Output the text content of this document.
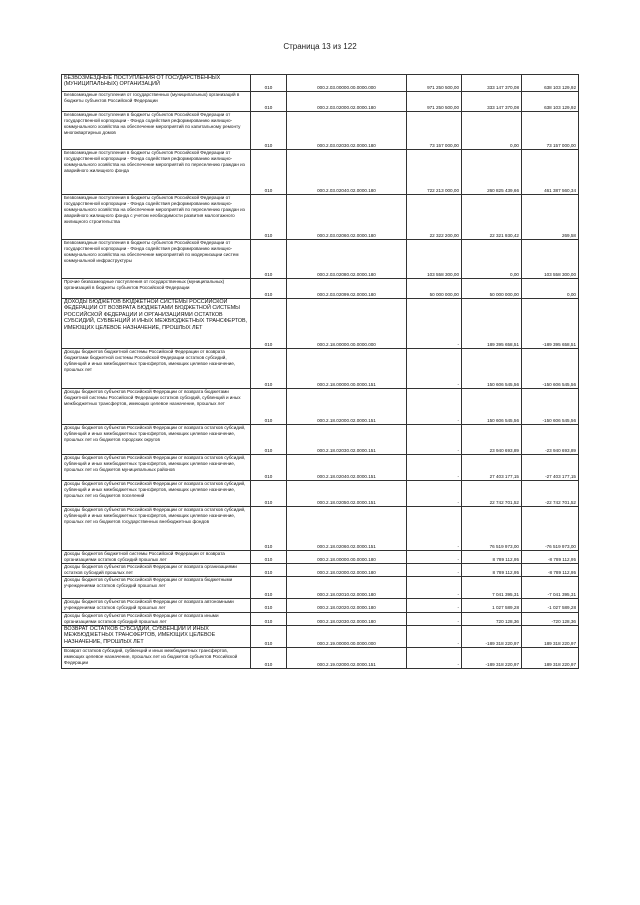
Страница 13 из 122
БЕЗВОЗМЕЗДНЫЕ ПОСТУПЛЕНИЯ ОТ ГОСУДАРСТВЕННЫХ (МУНИЦИПАЛЬНЫХ) ОРГАНИЗАЦИЙ	010	000.2.03.00000.00.0000.000	971 250 500,00	333 147 370,08	638 103 129,92
Безвозмездные поступления от государственных (муниципальных) организаций в бюджеты субъектов Российской Федерации	010	000.2.03.02000.02.0000.180	971 250 500,00	333 147 370,08	638 103 129,92
Безвозмездные поступления в бюджеты субъектов Российской Федерации от государственной корпорации - Фонда содействия реформированию жилищно-коммунального хозяйства на обеспечение мероприятий по капитальному ремонту многоквартирных домов	010	000.2.03.02030.02.0000.180	73 157 000,00	0,00	73 157 000,00
Безвозмездные поступления в бюджеты субъектов Российской Федерации от государственной корпорации - Фонда содействия реформированию жилищно-коммунального хозяйства на обеспечение мероприятий по переселению граждан из аварийного жилищного фонда	010	000.2.03.02040.02.0000.180	722 213 000,00	260 825 439,66	461 387 560,34
Безвозмездные поступления в бюджеты субъектов Российской Федерации от государственной корпорации - Фонда содействия реформированию жилищно-коммунального хозяйства на обеспечение мероприятий по переселению граждан из аварийного жилищного фонда с учетом необходимости развития малоэтажного жилищного строительства	010	000.2.03.02060.02.0000.180	22 322 200,00	22 321 930,42	269,58
Безвозмездные поступления в бюджеты субъектов Российской Федерации от государственной корпорации - Фонда содействия реформированию жилищно-коммунального хозяйства на обеспечение мероприятий по модернизации систем коммунальной инфраструктуры	010	000.2.03.02080.02.0000.180	103 558 300,00	0,00	103 558 300,00
Прочие безвозмездные поступления от государственных (муниципальных) организаций в бюджеты субъектов Российской Федерации	010	000.2.03.02099.02.0000.180	50 000 000,00	50 000 000,00	0,00
ДОХОДЫ БЮДЖЕТОВ БЮДЖЕТНОЙ СИСТЕМЫ РОССИЙСКОЙ ФЕДЕРАЦИИ ОТ ВОЗВРАТА БЮДЖЕТАМИ БЮДЖЕТНОЙ СИСТЕМЫ РОССИЙСКОЙ ФЕДЕРАЦИИ И ОРГАНИЗАЦИЯМИ ОСТАТКОВ СУБСИДИЙ, СУБВЕНЦИЙ И ИНЫХ МЕЖБЮДЖЕТНЫХ ТРАНСФЕРТОВ, ИМЕЮЩИХ ЦЕЛЕВОЕ НАЗНАЧЕНИЕ, ПРОШЛЫХ ЛЕТ	010	000.2.18.00000.00.0000.000	-	189 395 658,51	-189 395 658,51
Доходы бюджетов бюджетной системы Российской Федерации от возврата бюджетами бюджетной системы Российской Федерации остатков субсидий, субвенций и иных межбюджетных трансфертов, имеющих целевое назначение, прошлых лет	010	000.2.18.00000.00.0000.151	-	150 606 545,56	-150 606 545,56
Доходы бюджетов субъектов Российской Федерации от возврата бюджетами бюджетной системы Российской Федерации остатков субсидий, субвенций и иных межбюджетных трансфертов, имеющих целевое назначение, прошлых лет	010	000.2.18.02000.02.0000.151	-	150 606 545,56	-150 606 545,56
Доходы бюджетов субъектов Российской Федерации от возврата остатков субсидий, субвенций и иных межбюджетных трансфертов, имеющих целевое назначение, прошлых лет из бюджетов городских округов	010	000.2.18.02030.02.0000.151	-	23 940 693,89	-23 940 693,89
Доходы бюджетов субъектов Российской Федерации от возврата остатков субсидий, субвенций и иных межбюджетных трансфертов, имеющих целевое назначение, прошлых лет из бюджетов муниципальных районов	010	000.2.18.02040.02.0000.151	-	27 403 177,15	-27 403 177,15
Доходы бюджетов субъектов Российской Федерации от возврата остатков субсидий, субвенций и иных межбюджетных трансфертов, имеющих целевое назначение, прошлых лет из бюджетов поселений	010	000.2.18.02050.02.0000.151	-	22 742 701,52	-22 742 701,52
Доходы бюджетов субъектов Российской Федерации от возврата остатков субсидий, субвенций и иных межбюджетных трансфертов, имеющих целевое назначение, прошлых лет из бюджетов государственных внебюджетных фондов	010	000.2.18.02060.02.0000.151	-	76 519 973,00	-76 519 973,00
Доходы бюджетов бюджетной системы Российской Федерации от возврата организациями остатков субсидий прошлых лет	010	000.2.18.00000.00.0000.180	-	8 789 112,95	-8 789 112,95
Доходы бюджетов субъектов Российской Федерации от возврата организациями остатков субсидий прошлых лет	010	000.2.18.02000.02.0000.180	-	8 789 112,95	-8 789 112,95
Доходы бюджетов субъектов Российской Федерации от возврата бюджетными учреждениями остатков субсидий прошлых лет	010	000.2.18.02010.02.0000.180	-	7 041 395,31	-7 041 395,31
Доходы бюджетов субъектов Российской Федерации от возврата автономными учреждениями остатков субсидий прошлых лет	010	000.2.18.02020.02.0000.180	-	1 027 589,28	-1 027 589,28
Доходы бюджетов субъектов Российской Федерации от возврата иными организациями остатков субсидий прошлых лет	010	000.2.18.02030.02.0000.180	-	720 128,36	-720 128,36
ВОЗВРАТ ОСТАТКОВ СУБСИДИЙ, СУБВЕНЦИЙ И ИНЫХ МЕЖБЮДЖЕТНЫХ ТРАНСФЕРТОВ, ИМЕЮЩИХ ЦЕЛЕВОЕ НАЗНАЧЕНИЕ, ПРОШЛЫХ ЛЕТ	010	000.2.19.00000.00.0000.000	-	-189 318 220,97	189 318 220,97
Возврат остатков субсидий, субвенций и иных межбюджетных трансфертов, имеющих целевое назначение, прошлых лет из бюджетов субъектов Российской Федерации	010	000.2.19.02000.02.0000.151	-	-189 318 220,97	189 318 220,97
